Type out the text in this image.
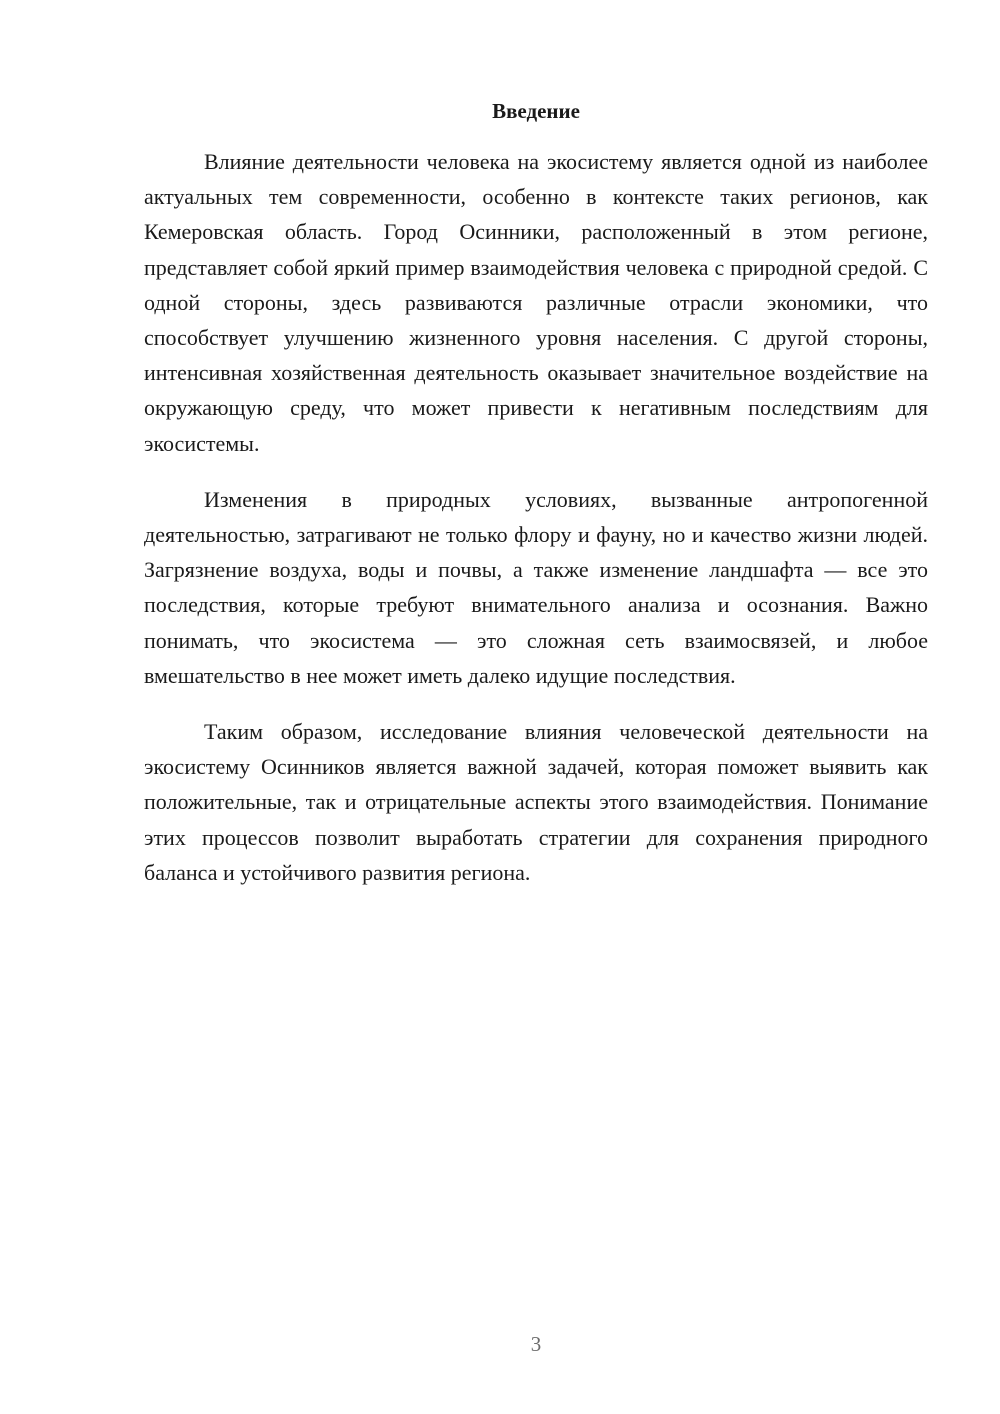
Введение

Влияние деятельности человека на экосистему является одной из наиболее актуальных тем современности, особенно в контексте таких регионов, как Кемеровская область. Город Осинники, расположенный в этом регионе, представляет собой яркий пример взаимодействия человека с природной средой. С одной стороны, здесь развиваются различные отрасли экономики, что способствует улучшению жизненного уровня населения. С другой стороны, интенсивная хозяйственная деятельность оказывает значительное воздействие на окружающую среду, что может привести к негативным последствиям для экосистемы.

Изменения в природных условиях, вызванные антропогенной деятельностью, затрагивают не только флору и фауну, но и качество жизни людей. Загрязнение воздуха, воды и почвы, а также изменение ландшафта — все это последствия, которые требуют внимательного анализа и осознания. Важно понимать, что экосистема — это сложная сеть взаимосвязей, и любое вмешательство в нее может иметь далеко идущие последствия.

Таким образом, исследование влияния человеческой деятельности на экосистему Осинников является важной задачей, которая поможет выявить как положительные, так и отрицательные аспекты этого взаимодействия. Понимание этих процессов позволит выработать стратегии для сохранения природного баланса и устойчивого развития региона.

3
